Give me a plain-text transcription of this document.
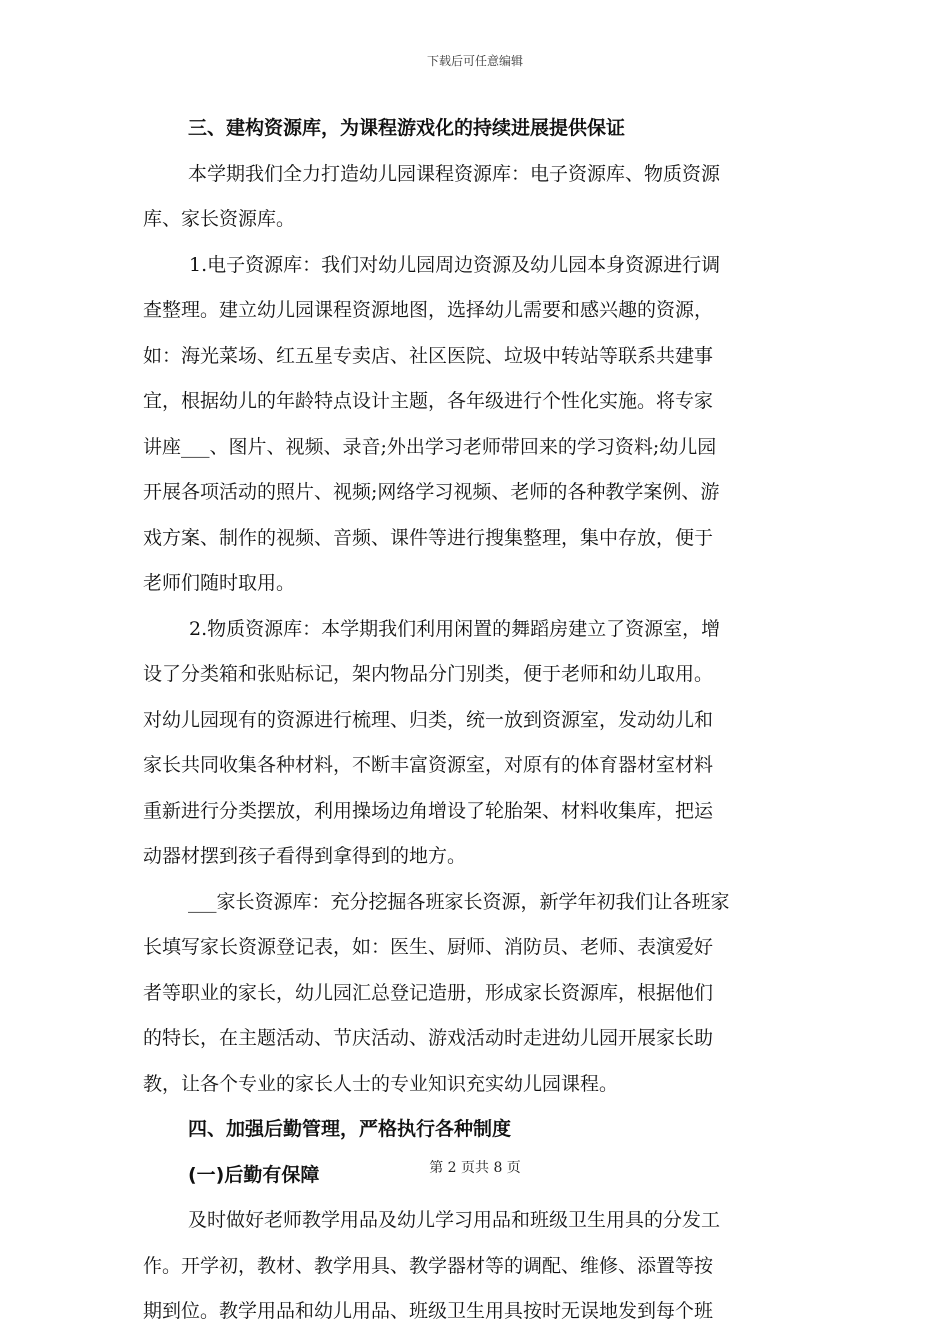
下载后可任意编辑
三、建构资源库，为课程游戏化的持续进展提供保证
本学期我们全力打造幼儿园课程资源库：电子资源库、物质资源
库、家长资源库。
1.电子资源库：我们对幼儿园周边资源及幼儿园本身资源进行调
查整理。建立幼儿园课程资源地图，选择幼儿需要和感兴趣的资源，
如：海光菜场、红五星专卖店、社区医院、垃圾中转站等联系共建事
宜，根据幼儿的年龄特点设计主题，各年级进行个性化实施。将专家
讲座___、图片、视频、录音;外出学习老师带回来的学习资料;幼儿园
开展各项活动的照片、视频;网络学习视频、老师的各种教学案例、游
戏方案、制作的视频、音频、课件等进行搜集整理，集中存放，便于
老师们随时取用。
2.物质资源库：本学期我们利用闲置的舞蹈房建立了资源室，增
设了分类箱和张贴标记，架内物品分门别类，便于老师和幼儿取用。
对幼儿园现有的资源进行梳理、归类，统一放到资源室，发动幼儿和
家长共同收集各种材料，不断丰富资源室，对原有的体育器材室材料
重新进行分类摆放，利用操场边角增设了轮胎架、材料收集库，把运
动器材摆到孩子看得到拿得到的地方。
___家长资源库：充分挖掘各班家长资源，新学年初我们让各班家
长填写家长资源登记表，如：医生、厨师、消防员、老师、表演爱好
者等职业的家长，幼儿园汇总登记造册，形成家长资源库，根据他们
的特长，在主题活动、节庆活动、游戏活动时走进幼儿园开展家长助
教，让各个专业的家长人士的专业知识充实幼儿园课程。
四、加强后勤管理，严格执行各种制度
(一)后勤有保障
及时做好老师教学用品及幼儿学习用品和班级卫生用具的分发工
作。开学初，教材、教学用具、教学器材等的调配、维修、添置等按
期到位。教学用品和幼儿用品、班级卫生用具按时无误地发到每个班
第 2 页共 8 页
